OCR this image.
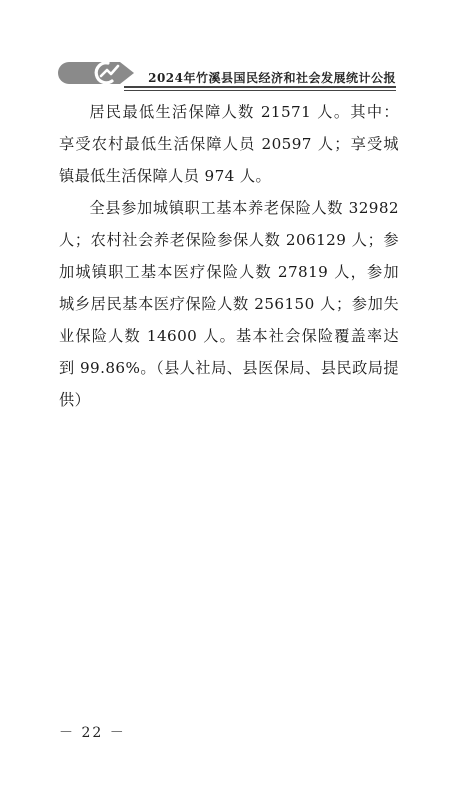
2024年竹溪县国民经济和社会发展统计公报

居民最低生活保障人数 21571 人。其中：享受农村最低生活保障人员 20597 人；享受城镇最低生活保障人员 974 人。

全县参加城镇职工基本养老保险人数 32982 人；农村社会养老保险参保人数 206129 人；参加城镇职工基本医疗保险人数 27819 人，参加城乡居民基本医疗保险人数 256150 人；参加失业保险人数 14600 人。基本社会保险覆盖率达到 99.86%。（县人社局、县医保局、县民政局提供）

－ 22 －
